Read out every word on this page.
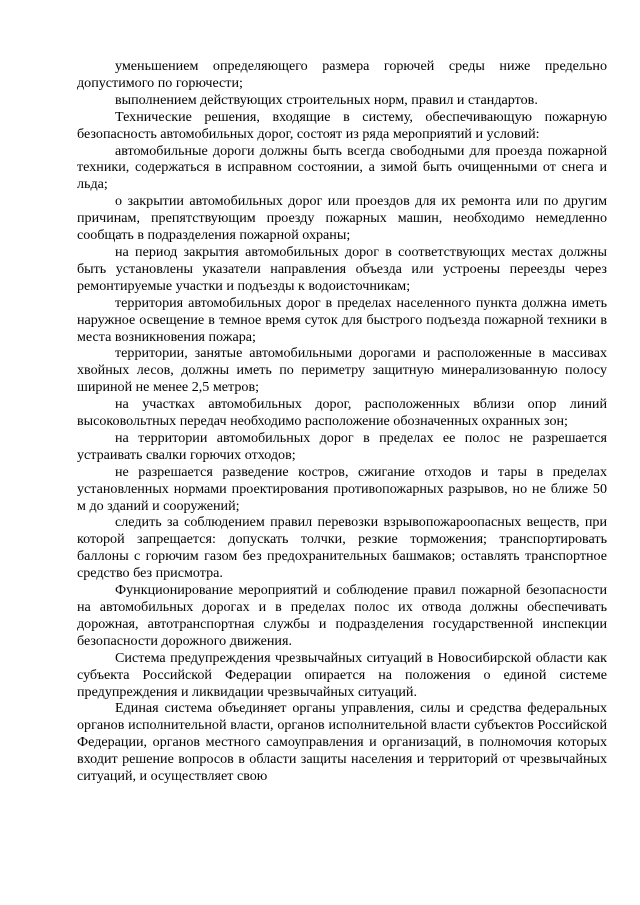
уменьшением определяющего размера горючей среды ниже предельно допустимого по горючести;

выполнением действующих строительных норм, правил и стандартов.

Технические решения, входящие в систему, обеспечивающую пожарную безопасность автомобильных дорог, состоят из ряда мероприятий и условий:

автомобильные дороги должны быть всегда свободными для проезда пожарной техники, содержаться в исправном состоянии, а зимой быть очищенными от снега и льда;

о закрытии автомобильных дорог или проездов для их ремонта или по другим причинам, препятствующим проезду пожарных машин, необходимо немедленно сообщать в подразделения пожарной охраны;

на период закрытия автомобильных дорог в соответствующих местах должны быть установлены указатели направления объезда или устроены переезды через ремонтируемые участки и подъезды к водоисточникам;

территория автомобильных дорог в пределах населенного пункта должна иметь наружное освещение в темное время суток для быстрого подъезда пожарной техники в места возникновения пожара;

территории, занятые автомобильными дорогами и расположенные в массивах хвойных лесов, должны иметь по периметру защитную минерализованную полосу шириной не менее 2,5 метров;

на участках автомобильных дорог, расположенных вблизи опор линий высоковольтных передач необходимо расположение обозначенных охранных зон;

на территории автомобильных дорог в пределах ее полос не разрешается устраивать свалки горючих отходов;

не разрешается разведение костров, сжигание отходов и тары в пределах установленных нормами проектирования противопожарных разрывов, но не ближе 50 м до зданий и сооружений;

следить за соблюдением правил перевозки взрывопожароопасных веществ, при которой запрещается: допускать толчки, резкие торможения; транспортировать баллоны с горючим газом без предохранительных башмаков; оставлять транспортное средство без присмотра.

Функционирование мероприятий и соблюдение правил пожарной безопасности на автомобильных дорогах и в пределах полос их отвода должны обеспечивать дорожная, автотранспортная службы и подразделения государственной инспекции безопасности дорожного движения.

Система предупреждения чрезвычайных ситуаций в Новосибирской области как субъекта Российской Федерации опирается на положения о единой системе предупреждения и ликвидации чрезвычайных ситуаций.

Единая система объединяет органы управления, силы и средства федеральных органов исполнительной власти, органов исполнительной власти субъектов Российской Федерации, органов местного самоуправления и организаций, в полномочия которых входит решение вопросов в области защиты населения и территорий от чрезвычайных ситуаций, и осуществляет свою
